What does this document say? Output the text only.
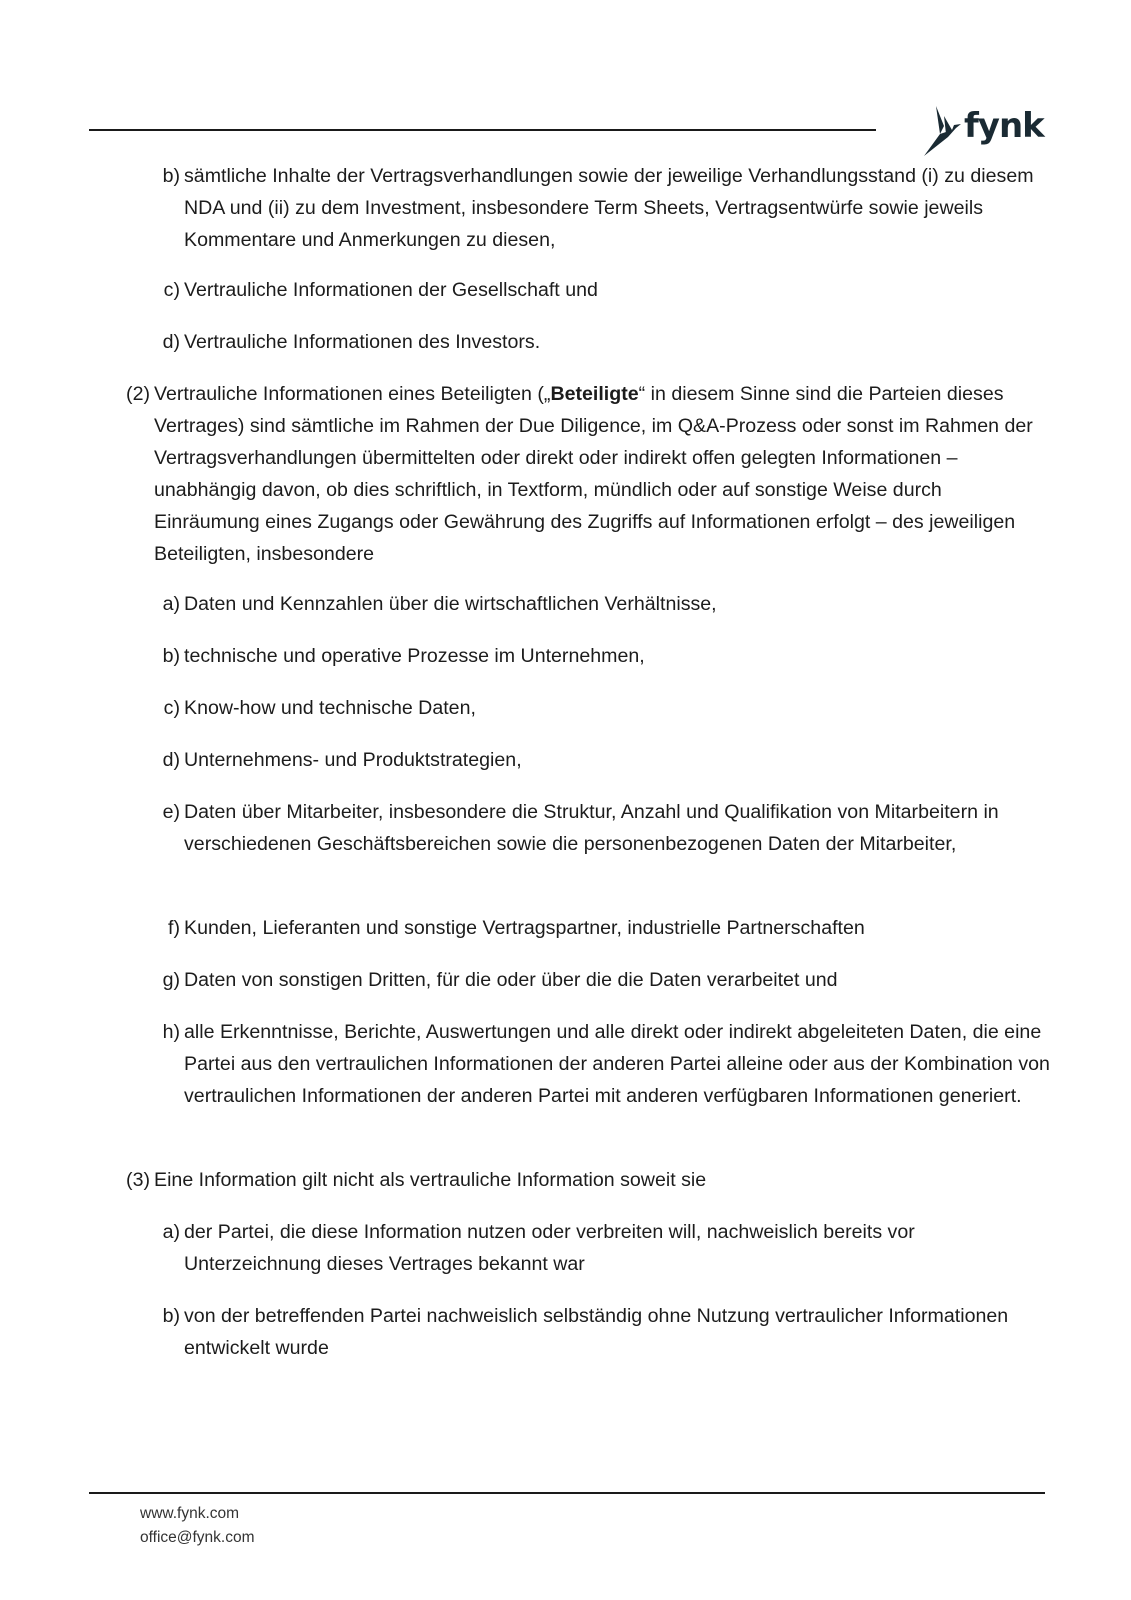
fynk
b) sämtliche Inhalte der Vertragsverhandlungen sowie der jeweilige Verhandlungsstand (i) zu diesem NDA und (ii) zu dem Investment, insbesondere Term Sheets, Vertragsentwürfe sowie jeweils Kommentare und Anmerkungen zu diesen,
c) Vertrauliche Informationen der Gesellschaft und
d) Vertrauliche Informationen des Investors.
(2) Vertrauliche Informationen eines Beteiligten („Beteiligte“ in diesem Sinne sind die Parteien dieses Vertrages) sind sämtliche im Rahmen der Due Diligence, im Q&A-Prozess oder sonst im Rahmen der Vertragsverhandlungen übermittelten oder direkt oder indirekt offen gelegten Informationen – unabhängig davon, ob dies schriftlich, in Textform, mündlich oder auf sonstige Weise durch Einräumung eines Zugangs oder Gewährung des Zugriffs auf Informationen erfolgt – des jeweiligen Beteiligten, insbesondere
a) Daten und Kennzahlen über die wirtschaftlichen Verhältnisse,
b) technische und operative Prozesse im Unternehmen,
c) Know-how und technische Daten,
d) Unternehmens- und Produktstrategien,
e) Daten über Mitarbeiter, insbesondere die Struktur, Anzahl und Qualifikation von Mitarbeitern in verschiedenen Geschäftsbereichen sowie die personenbezogenen Daten der Mitarbeiter,
f) Kunden, Lieferanten und sonstige Vertragspartner, industrielle Partnerschaften
g) Daten von sonstigen Dritten, für die oder über die die Daten verarbeitet und
h) alle Erkenntnisse, Berichte, Auswertungen und alle direkt oder indirekt abgeleiteten Daten, die eine Partei aus den vertraulichen Informationen der anderen Partei alleine oder aus der Kombination von vertraulichen Informationen der anderen Partei mit anderen verfügbaren Informationen generiert.
(3) Eine Information gilt nicht als vertrauliche Information soweit sie
a) der Partei, die diese Information nutzen oder verbreiten will, nachweislich bereits vor Unterzeichnung dieses Vertrages bekannt war
b) von der betreffenden Partei nachweislich selbständig ohne Nutzung vertraulicher Informationen entwickelt wurde
www.fynk.com
office@fynk.com
